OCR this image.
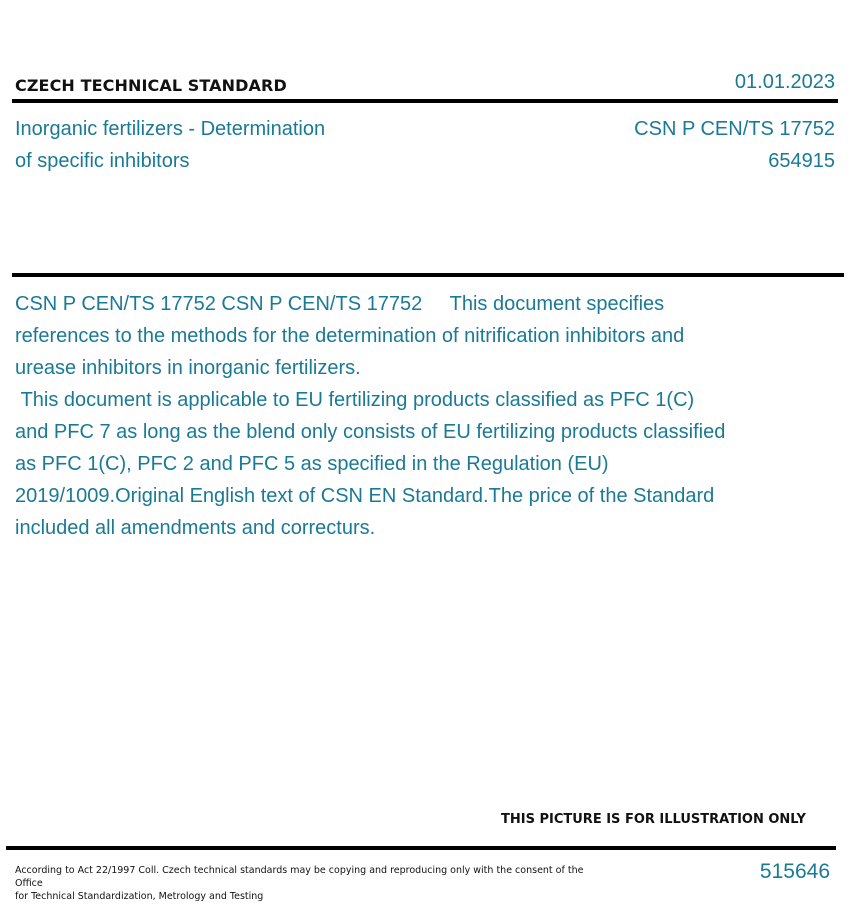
CZECH TECHNICAL STANDARD	01.01.2023
Inorganic fertilizers - Determination
of specific inhibitors
CSN P CEN/TS 17752
654915
CSN P CEN/TS 17752 CSN P CEN/TS 17752     This document specifies references to the methods for the determination of nitrification inhibitors and urease inhibitors in inorganic fertilizers.
This document is applicable to EU fertilizing products classified as PFC 1(C) and PFC 7 as long as the blend only consists of EU fertilizing products classified as PFC 1(C), PFC 2 and PFC 5 as specified in the Regulation (EU) 2019/1009.Original English text of CSN EN Standard.The price of the Standard included all amendments and correcturs.
THIS PICTURE IS FOR ILLUSTRATION ONLY
According to Act 22/1997 Coll. Czech technical standards may be copying and reproducing only with the consent of the Office
for Technical Standardization, Metrology and Testing
515646
